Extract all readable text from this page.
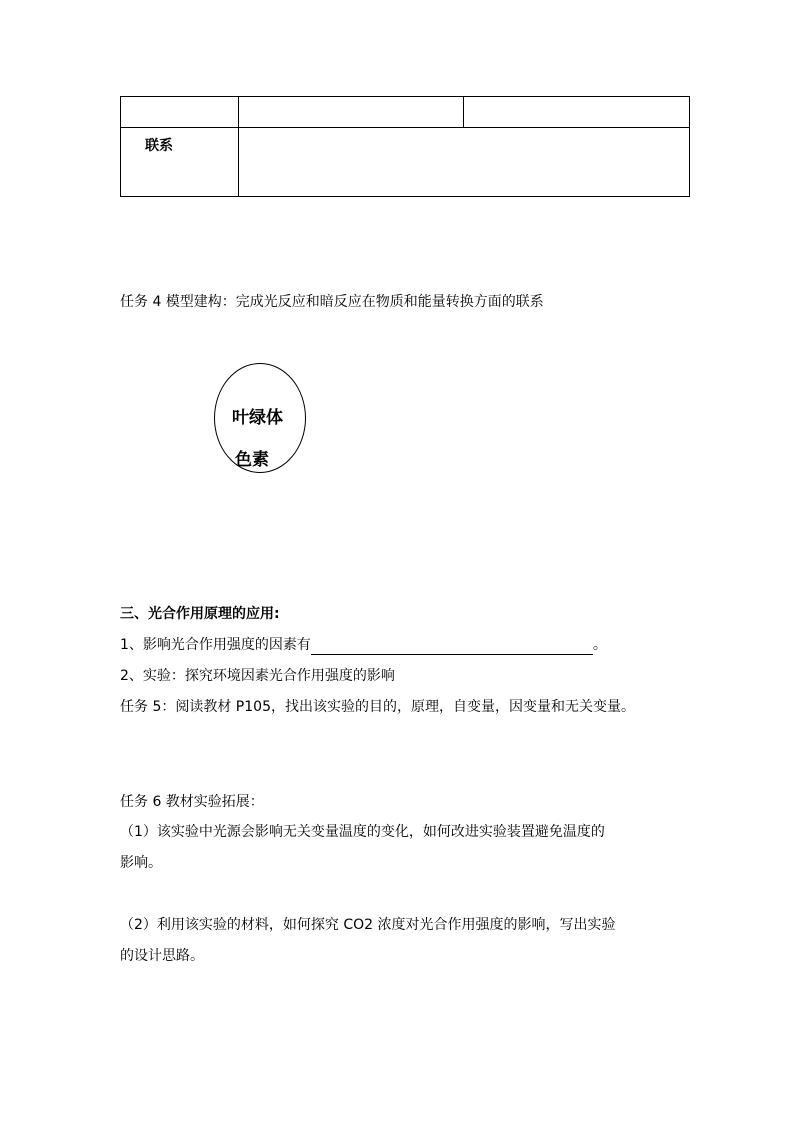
联系		
任务 4 模型建构：完成光反应和暗反应在物质和能量转换方面的联系
叶绿体
色素
三、光合作用原理的应用:
1、影响光合作用强度的因素有	。
2、实验：探究环境因素光合作用强度的影响
任务 5：阅读教材 P105，找出该实验的目的，原理，自变量，因变量和无关变量。
任务 6 教材实验拓展：
（1）该实验中光源会影响无关变量温度的变化，如何改进实验装置避免温度的
影响。
（2）利用该实验的材料，如何探究 CO2 浓度对光合作用强度的影响，写出实验
的设计思路。
